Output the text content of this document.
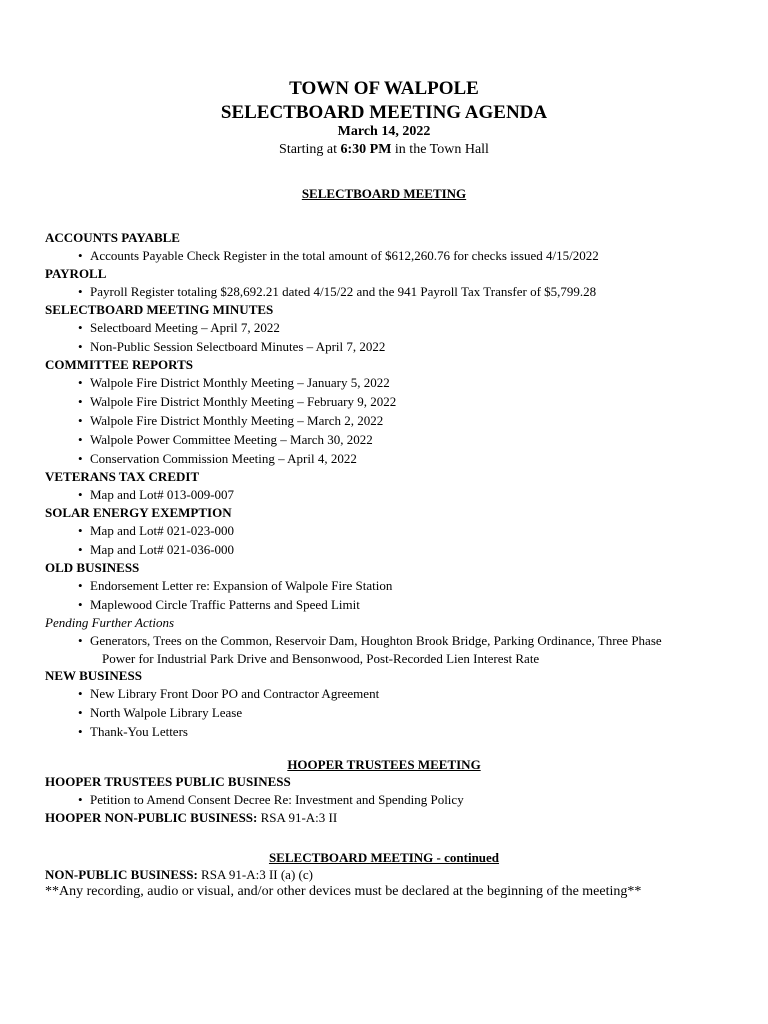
TOWN OF WALPOLE
SELECTBOARD MEETING AGENDA
March 14, 2022
Starting at 6:30 PM in the Town Hall
SELECTBOARD MEETING
ACCOUNTS PAYABLE
• Accounts Payable Check Register in the total amount of $612,260.76 for checks issued 4/15/2022
PAYROLL
• Payroll Register totaling $28,692.21 dated 4/15/22 and the 941 Payroll Tax Transfer of $5,799.28
SELECTBOARD MEETING MINUTES
• Selectboard Meeting – April 7, 2022
• Non-Public Session Selectboard Minutes – April 7, 2022
COMMITTEE REPORTS
• Walpole Fire District Monthly Meeting – January 5, 2022
• Walpole Fire District Monthly Meeting – February 9, 2022
• Walpole Fire District Monthly Meeting – March 2, 2022
• Walpole Power Committee Meeting – March 30, 2022
• Conservation Commission Meeting – April 4, 2022
VETERANS TAX CREDIT
• Map and Lot# 013-009-007
SOLAR ENERGY EXEMPTION
• Map and Lot# 021-023-000
• Map and Lot# 021-036-000
OLD BUSINESS
• Endorsement Letter re: Expansion of Walpole Fire Station
• Maplewood Circle Traffic Patterns and Speed Limit
Pending Further Actions
• Generators, Trees on the Common, Reservoir Dam, Houghton Brook Bridge, Parking Ordinance, Three Phase
Power for Industrial Park Drive and Bensonwood, Post-Recorded Lien Interest Rate
NEW BUSINESS
• New Library Front Door PO and Contractor Agreement
• North Walpole Library Lease
• Thank-You Letters
HOOPER TRUSTEES MEETING
HOOPER TRUSTEES PUBLIC BUSINESS
• Petition to Amend Consent Decree Re: Investment and Spending Policy
HOOPER NON-PUBLIC BUSINESS: RSA 91-A:3 II
SELECTBOARD MEETING - continued
NON-PUBLIC BUSINESS: RSA 91-A:3 II (a) (c)
**Any recording, audio or visual, and/or other devices must be declared at the beginning of the meeting**
